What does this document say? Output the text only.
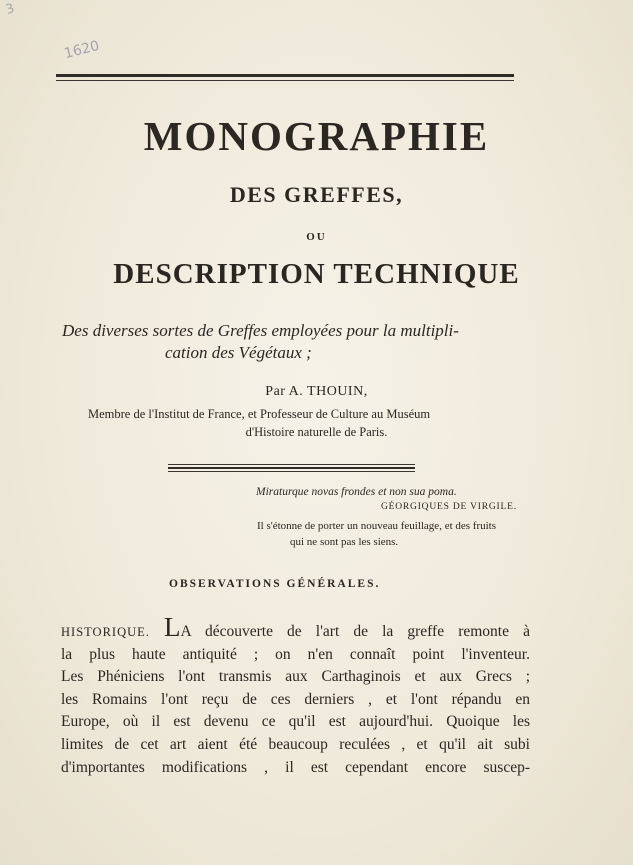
3
1620
MONOGRAPHIE
DES GREFFES,
OU
DESCRIPTION TECHNIQUE
Des diverses sortes de Greffes employées pour la multipli-
cation des Végétaux ;
Par A. THOUIN,
Membre de l'Institut de France, et Professeur de Culture au Muséum
d'Histoire naturelle de Paris.
Miraturque novas frondes et non sua poma.
GÉORGIQUES DE VIRGILE.
Il s'étonne de porter un nouveau feuillage, et des fruits
qui ne sont pas les siens.
OBSERVATIONS GÉNÉRALES.
HISTORIQUE. LA découverte de l'art de la greffe remonte à
la plus haute antiquité ; on n'en connaît point l'inventeur.
Les Phéniciens l'ont transmis aux Carthaginois et aux Grecs ;
les Romains l'ont reçu de ces derniers , et l'ont répandu en
Europe, où il est devenu ce qu'il est aujourd'hui. Quoique les
limites de cet art aient été beaucoup reculées , et qu'il ait subi
d'importantes modifications , il est cependant encore suscep-
